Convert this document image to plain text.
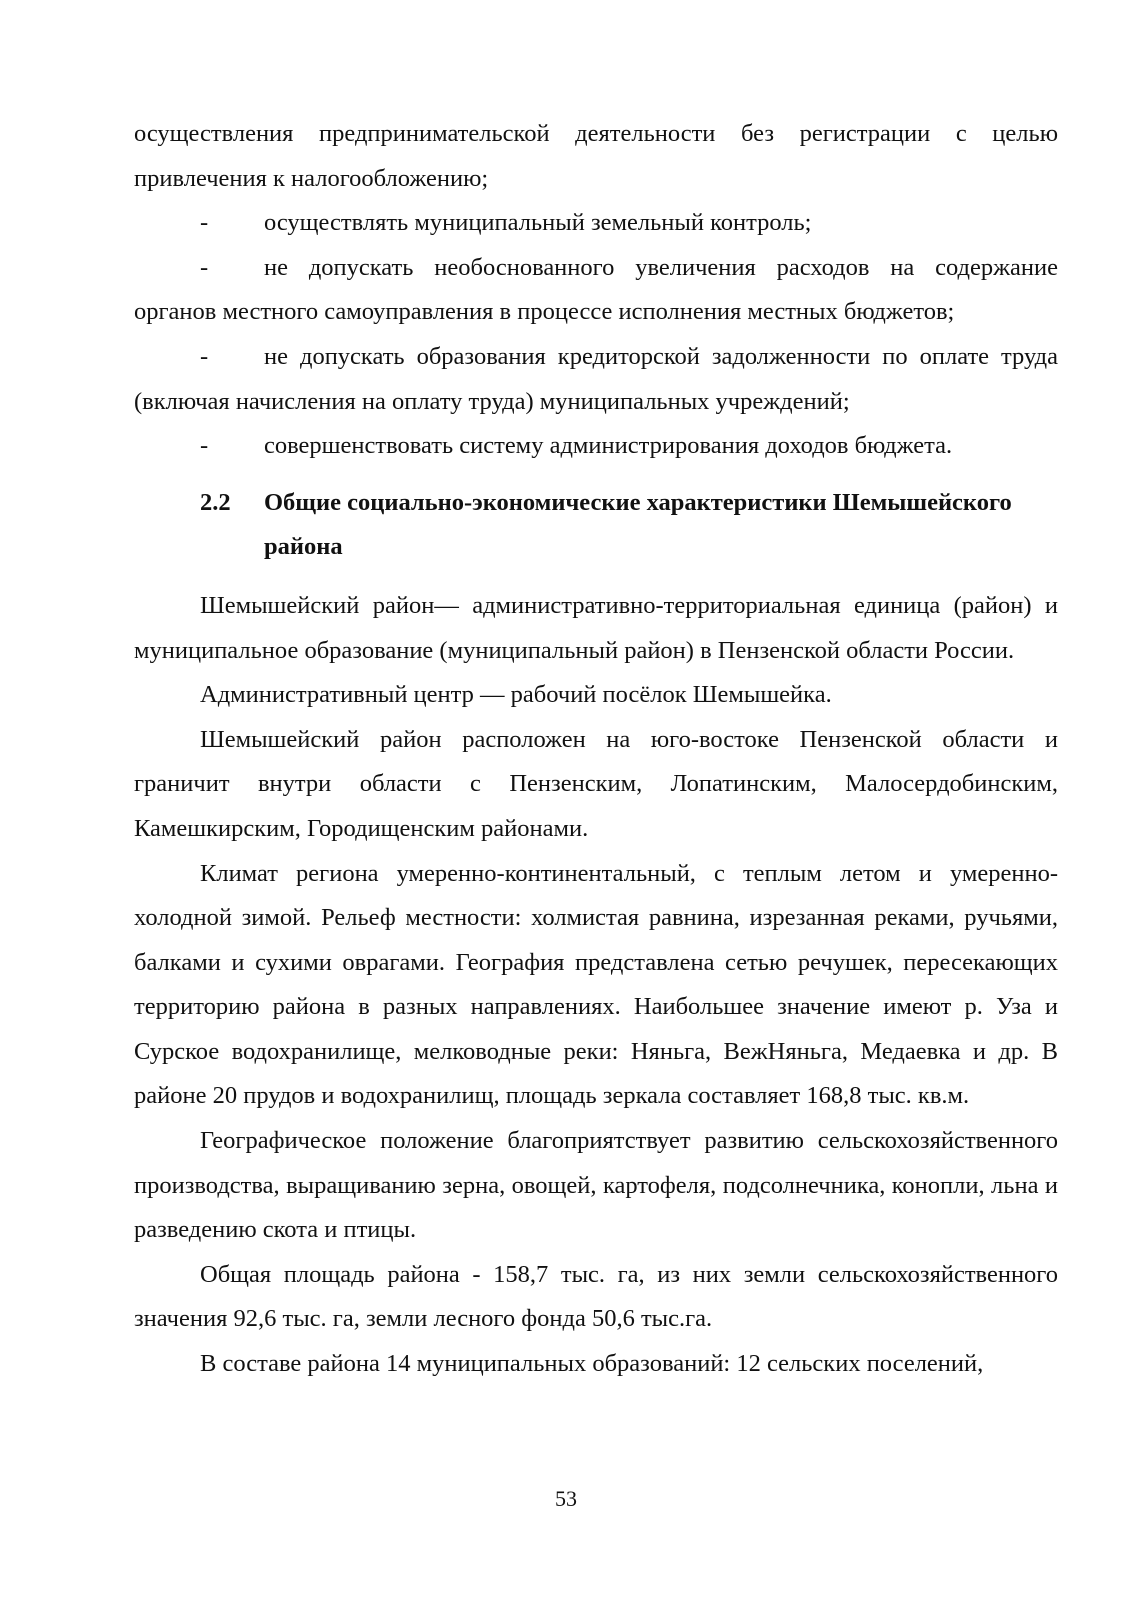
осуществления предпринимательской деятельности без регистрации с целью привлечения к налогообложению;

-	осуществлять муниципальный земельный контроль;
-	не допускать необоснованного увеличения расходов на содержание органов местного самоуправления в процессе исполнения местных бюджетов;
-	не допускать образования кредиторской задолженности по оплате труда (включая начисления на оплату труда) муниципальных учреждений;
-	совершенствовать систему администрирования доходов бюджета.
2.2 Общие социально-экономические характеристики Шемышейского района

Шемышейский район— административно-территориальная единица (район) и муниципальное образование (муниципальный район) в Пензенской области России.

Административный центр — рабочий посёлок Шемышейка.

Шемышейский район расположен на юго-востоке Пензенской области и граничит внутри области с Пензенским, Лопатинским, Малосердобинским, Камешкирским, Городищенским районами.

Климат региона умеренно-континентальный, с теплым летом и умеренно-холодной зимой. Рельеф местности: холмистая равнина, изрезанная реками, ручьями, балками и сухими оврагами. География представлена сетью речушек, пересекающих территорию района в разных направлениях. Наибольшее значение имеют р. Уза и Сурское водохранилище, мелководные реки: Няньга, ВежНяньга, Медаевка и др. В районе 20 прудов и водохранилищ, площадь зеркала составляет 168,8 тыс. кв.м.

Географическое положение благоприятствует развитию сельскохозяйственного производства, выращиванию зерна, овощей, картофеля, подсолнечника, конопли, льна и разведению скота и птицы.

Общая площадь района - 158,7 тыс. га, из них земли сельскохозяйственного значения 92,6 тыс. га, земли лесного фонда 50,6 тыс.га.

В составе района 14 муниципальных образований: 12 сельских поселений,

53
